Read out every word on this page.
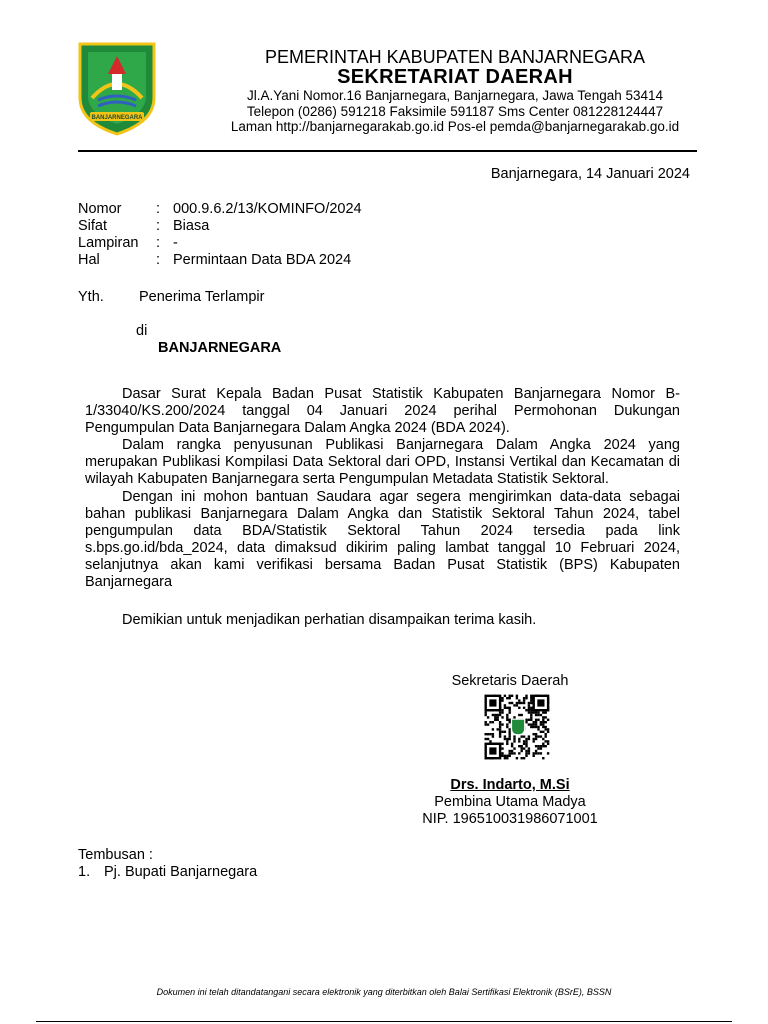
BANJARNEGARA
PEMERINTAH KABUPATEN BANJARNEGARA
SEKRETARIAT DAERAH
Jl.A.Yani Nomor.16 Banjarnegara, Banjarnegara, Jawa Tengah 53414
Telepon (0286) 591218 Faksimile 591187 Sms Center 081228124447
Laman http://banjarnegarakab.go.id Pos-el pemda@banjarnegarakab.go.id
Banjarnegara, 14 Januari 2024
Nomor : 000.9.6.2/13/KOMINFO/2024
Sifat	: Biasa
Lampiran : -
Hal	: Permintaan Data BDA 2024
Yth. Penerima Terlampir
di
BANJARNEGARA

Dasar Surat Kepala Badan Pusat Statistik Kabupaten Banjarnegara Nomor B-1/33040/KS.200/2024 tanggal 04 Januari 2024 perihal Permohonan Dukungan Pengumpulan Data Banjarnegara Dalam Angka 2024 (BDA 2024).

Dalam rangka penyusunan Publikasi Banjarnegara Dalam Angka 2024 yang merupakan Publikasi Kompilasi Data Sektoral dari OPD, Instansi Vertikal dan Kecamatan di wilayah Kabupaten Banjarnegara serta Pengumpulan Metadata Statistik Sektoral.

Dengan ini mohon bantuan Saudara agar segera mengirimkan data-data sebagai bahan publikasi Banjarnegara Dalam Angka dan Statistik Sektoral Tahun 2024, tabel pengumpulan data BDA/Statistik Sektoral Tahun 2024 tersedia pada link s.bps.go.id/bda_2024, data dimaksud dikirim paling lambat tanggal 10 Februari 2024, selanjutnya akan kami verifikasi bersama Badan Pusat Statistik (BPS) Kabupaten Banjarnegara

Demikian untuk menjadikan perhatian disampaikan terima kasih.

Sekretaris Daerah
Drs. Indarto, M.Si
Pembina Utama Madya
NIP. 196510031986071001
Tembusan :
1. Pj. Bupati Banjarnegara
Dokumen ini telah ditandatangani secara elektronik yang diterbitkan oleh Balai Sertifikasi Elektronik (BSrE), BSSN
